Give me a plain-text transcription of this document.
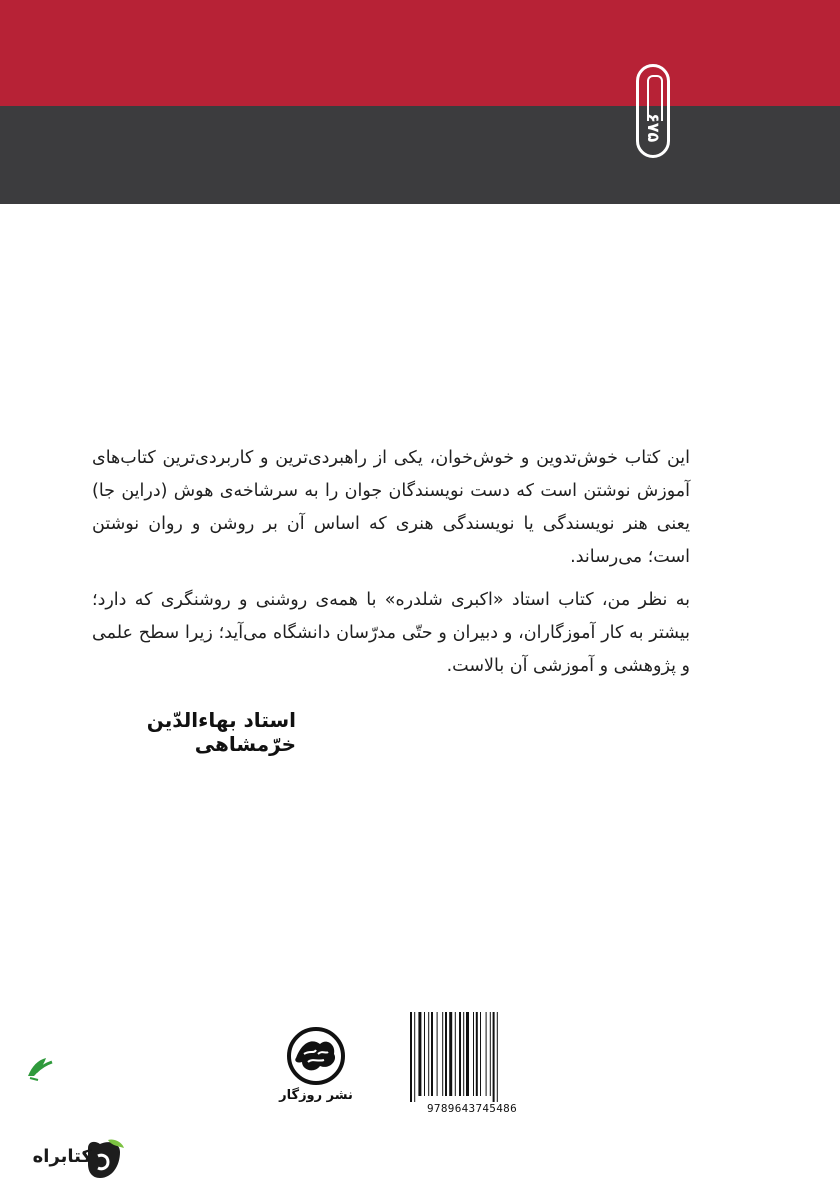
۶۷۵

این کتاب خوش‌تدوین و خوش‌خوان، یکی از راهبردی‌ترین و کاربردی‌ترین کتاب‌های آموزش نوشتن است که دست نویسندگان جوان را به سرشاخه‌ی هوش (دراین جا) یعنی هنر نویسندگی یا نویسندگی هنری که اساس آن بر روشن و روان نوشتن است؛ می‌رساند.

به نظر من، کتاب استاد «اکبری شلدره» با همه‌ی روشنی و روشنگری که دارد؛ بیشتر به کار آموزگاران، و دبیران و حتّی مدرّسان دانشگاه می‌آید؛ زیرا سطح علمی و پژوهشی و آموزشی آن بالاست.

استاد بهاءالدّین خرّمشاهی
9789643745486
نشر روزگار
کتابراه
